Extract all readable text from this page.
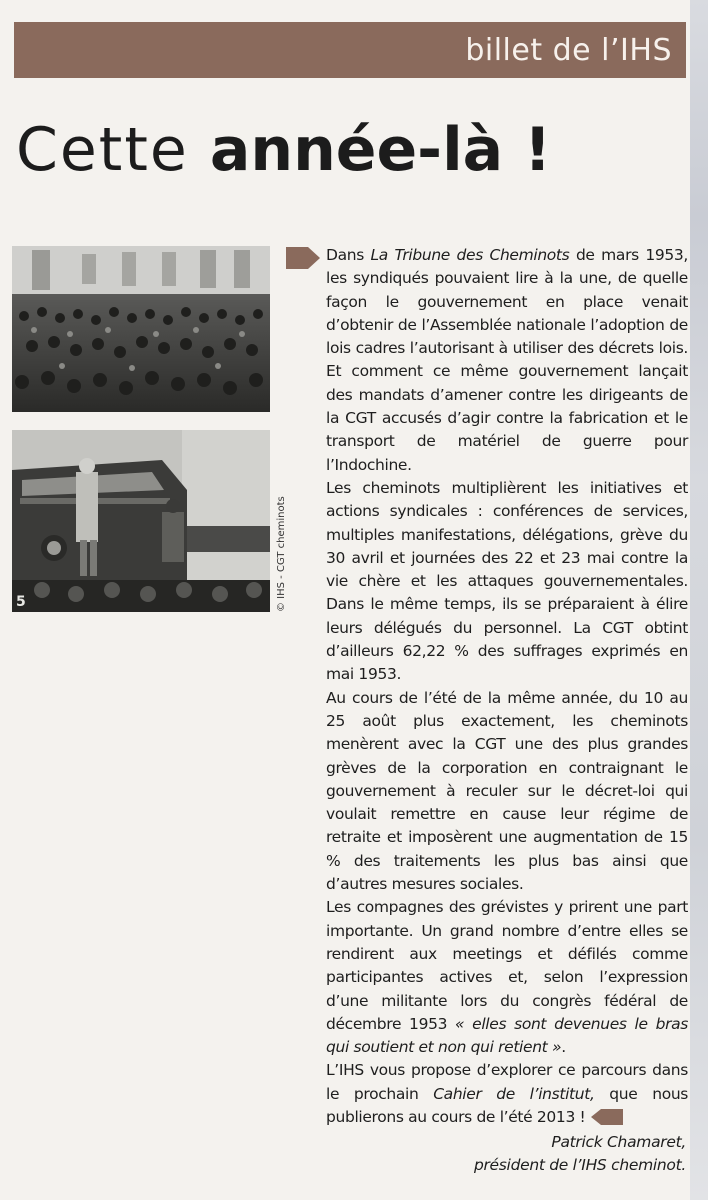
billet de l’IHS
Cette année-là !
5	© IHS - CGT cheminots

Dans La Tribune des Cheminots de mars 1953, les syndiqués pouvaient lire à la une, de quelle façon le gouvernement en place venait d’obtenir de l’Assemblée nationale l’adoption de lois cadres l’autorisant à utiliser des décrets lois. Et comment ce même gouvernement lançait des mandats d’amener contre les dirigeants de la CGT accusés d’agir contre la fabrication et le transport de matériel de guerre pour l’Indochine.

Les cheminots multiplièrent les initiatives et actions syndicales : conférences de services, multiples manifestations, délégations, grève du 30 avril et journées des 22 et 23 mai contre la vie chère et les attaques gouvernementales. Dans le même temps, ils se préparaient à élire leurs délégués du personnel. La CGT obtint d’ailleurs 62,22 % des suffrages exprimés en mai 1953.

Au cours de l’été de la même année, du 10 au 25 août plus exactement, les cheminots menèrent avec la CGT une des plus grandes grèves de la corporation en contraignant le gouvernement à reculer sur le décret-loi qui voulait remettre en cause leur régime de retraite et imposèrent une augmentation de 15 % des traitements les plus bas ainsi que d’autres mesures sociales.

Les compagnes des grévistes y prirent une part importante. Un grand nombre d’entre elles se rendirent aux meetings et défilés comme participantes actives et, selon l’expression d’une militante lors du congrès fédéral de décembre 1953 « elles sont devenues le bras qui soutient et non qui retient ».

L’IHS vous propose d’explorer ce parcours dans le prochain Cahier de l’institut, que nous publierons au cours de l’été 2013 !

Patrick Chamaret,
président de l’IHS cheminot.
